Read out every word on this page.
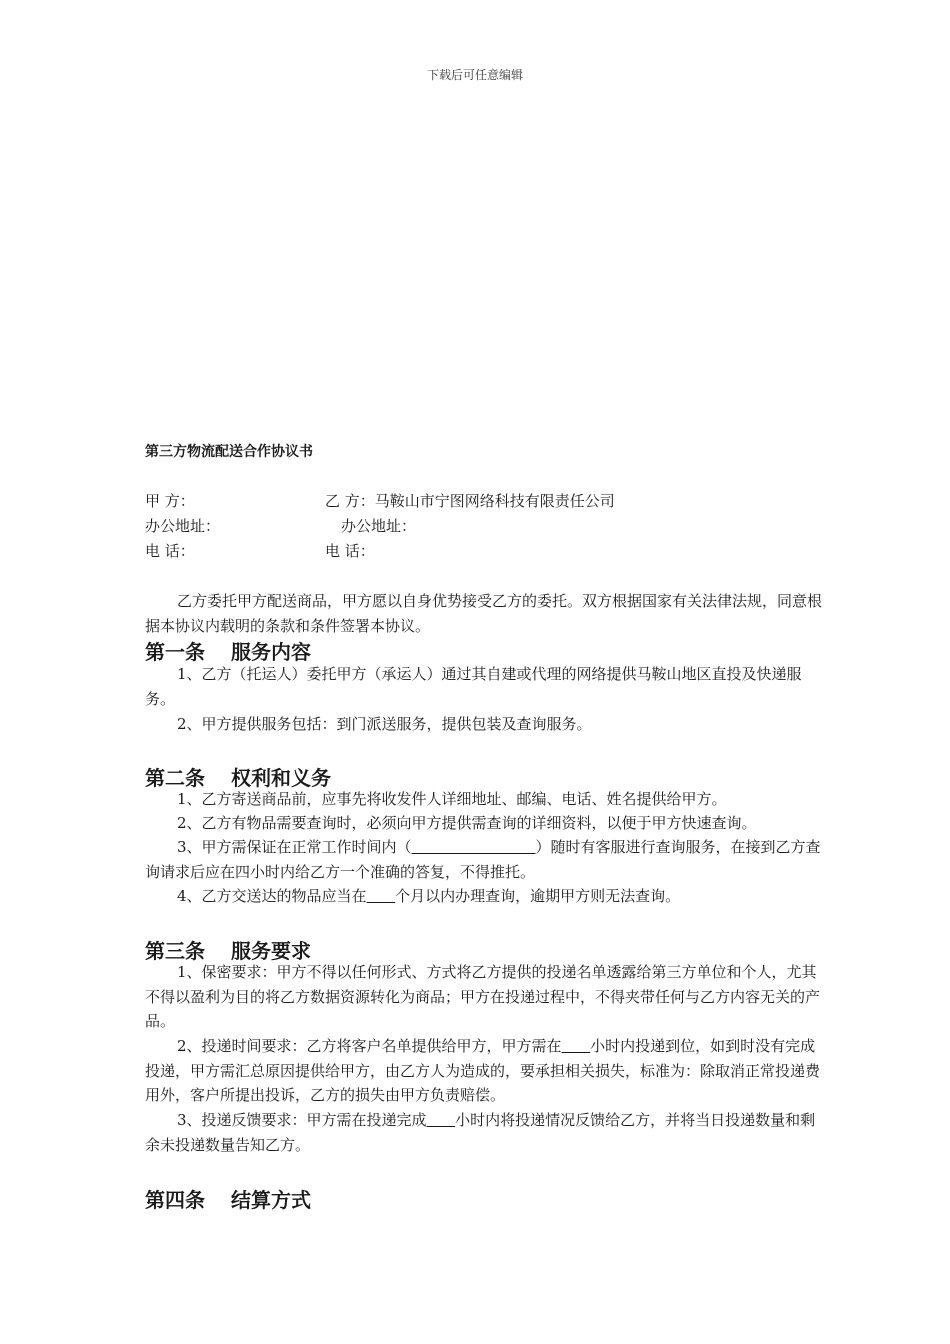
下载后可任意编辑
第三方物流配送合作协议书
甲 方：	乙 方：马鞍山市宁图网络科技有限责任公司
办公地址：	办公地址：
电 话：	电 话：

乙方委托甲方配送商品，甲方愿以自身优势接受乙方的委托。双方根据国家有关法律法规，同意根据本协议内载明的条款和条件签署本协议。

第一条 服务内容

1、乙方（托运人）委托甲方（承运人）通过其自建或代理的网络提供马鞍山地区直投及快递服务。

2、甲方提供服务包括：到门派送服务，提供包装及查询服务。

第二条 权利和义务

1、乙方寄送商品前，应事先将收发件人详细地址、邮编、电话、姓名提供给甲方。

2、乙方有物品需要查询时，必须向甲方提供需查询的详细资料，以便于甲方快速查询。

3、甲方需保证在正常工作时间内（	）随时有客服进行查询服务，在接到乙方查询请求后应在四小时内给乙方一个准确的答复，不得推托。

4、乙方交送达的物品应当在 个月以内办理查询，逾期甲方则无法查询。

第三条 服务要求

1、保密要求：甲方不得以任何形式、方式将乙方提供的投递名单透露给第三方单位和个人，尤其不得以盈利为目的将乙方数据资源转化为商品；甲方在投递过程中，不得夹带任何与乙方内容无关的产品。

2、投递时间要求：乙方将客户名单提供给甲方，甲方需在 小时内投递到位，如到时没有完成投递，甲方需汇总原因提供给甲方，由乙方人为造成的，要承担相关损失，标准为：除取消正常投递费用外，客户所提出投诉，乙方的损失由甲方负责赔偿。

3、投递反馈要求：甲方需在投递完成 小时内将投递情况反馈给乙方，并将当日投递数量和剩余未投递数量告知乙方。

第四条 结算方式
